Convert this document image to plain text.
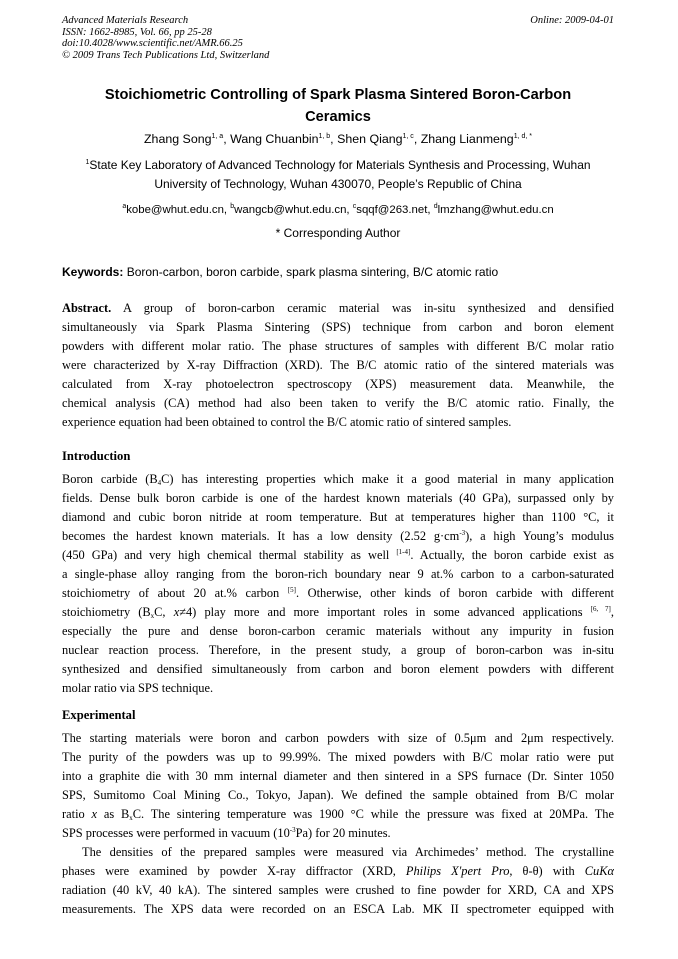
Advanced Materials Research
ISSN: 1662-8985, Vol. 66, pp 25-28
doi:10.4028/www.scientific.net/AMR.66.25
© 2009 Trans Tech Publications Ltd, Switzerland
Online: 2009-04-01
Stoichiometric Controlling of Spark Plasma Sintered Boron-Carbon
Ceramics
Zhang Song$^{1, a}$, Wang Chuanbin$^{1, b}$, Shen Qiang$^{1, c}$, Zhang Lianmeng$^{1, d, *}$
$^1$State Key Laboratory of Advanced Technology for Materials Synthesis and Processing, Wuhan
University of Technology, Wuhan 430070, People’s Republic of China
$^a$kobe@whut.edu.cn, $^b$wangcb@whut.edu.cn, $^c$sqqf@263.net, $^d$lmzhang@whut.edu.cn
* Corresponding Author
Keywords: Boron-carbon, boron carbide, spark plasma sintering, B/C atomic ratio
Abstract. A group of boron-carbon ceramic material was in-situ synthesized and densified
simultaneously via Spark Plasma Sintering (SPS) technique from carbon and boron element
powders with different molar ratio. The phase structures of samples with different B/C molar ratio
were characterized by X-ray Diffraction (XRD). The B/C atomic ratio of the sintered materials was
calculated from X-ray photoelectron spectroscopy (XPS) measurement data. Meanwhile, the
chemical analysis (CA) method had also been taken to verify the B/C atomic ratio. Finally, the
experience equation had been obtained to control the B/C atomic ratio of sintered samples.
Introduction
Boron carbide $(B_4C)$ has interesting properties which make it a good material in many application
fields. Dense bulk boron carbide is one of the hardest known materials (40 GPa), surpassed only by
diamond and cubic boron nitride at room temperature. But at temperatures higher than 1100 °C, it
becomes the hardest known materials. It has a low density (2.52 $g\cdot cm^{-3}$), a high Young’s modulus
(450 GPa) and very high chemical thermal stability as well [1-4]. Actually, the boron carbide exist as
a single-phase alloy ranging from the boron-rich boundary near 9 at.% carbon to a carbon-saturated
stoichiometry of about 20 at.% carbon [5]. Otherwise, other kinds of boron carbide with different
stoichiometry ($B_xC$, x≠4) play more and more important roles in some advanced applications [6, 7],
especially the pure and dense boron-carbon ceramic materials without any impurity in fusion
nuclear reaction process. Therefore, in the present study, a group of boron-carbon was in-situ
synthesized and densified simultaneously from carbon and boron element powders with different
molar ratio via SPS technique.
Experimental
The starting materials were boron and carbon powders with size of 0.5μm and 2μm respectively.
The purity of the powders was up to 99.99%. The mixed powders with B/C molar ratio were put
into a graphite die with 30 mm internal diameter and then sintered in a SPS furnace (Dr. Sinter 1050
SPS, Sumitomo Coal Mining Co., Tokyo, Japan). We defined the sample obtained from B/C molar
ratio x as $B_xC$. The sintering temperature was 1900 °C while the pressure was fixed at 20MPa. The
SPS processes were performed in vacuum $(10^{-3}Pa)$ for 20 minutes.
The densities of the prepared samples were measured via Archimedes’ method. The crystalline
phases were examined by powder X-ray diffractor (XRD, Philips X'pert Pro, θ-θ) with CuKα
radiation (40 kV, 40 kA). The sintered samples were crushed to fine powder for XRD, CA and XPS
measurements. The XPS data were recorded on an ESCA Lab. MK II spectrometer equipped with
